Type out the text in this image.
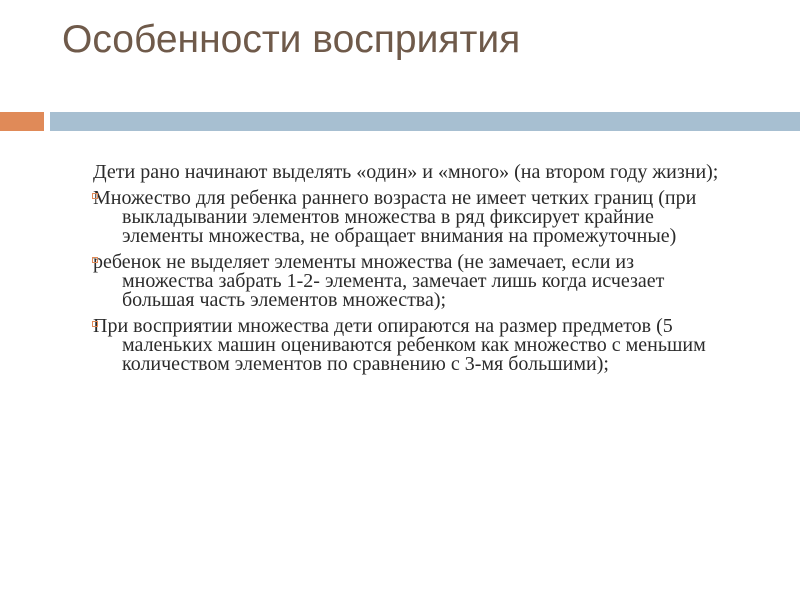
Особенности восприятия

Дети рано начинают выделять «один» и «много» (на втором году жизни);

Множество для ребенка раннего возраста не имеет четких границ (при выкладывании элементов множества в ряд фиксирует крайние элементы множества, не обращает внимания на промежуточные)

ребенок не выделяет элементы множества (не замечает, если из множества забрать 1-2- элемента, замечает лишь когда исчезает большая часть элементов множества);

При восприятии множества дети опираются на размер предметов (5 маленьких машин оцениваются ребенком как множество с меньшим количеством элементов по сравнению с 3-мя большими);
